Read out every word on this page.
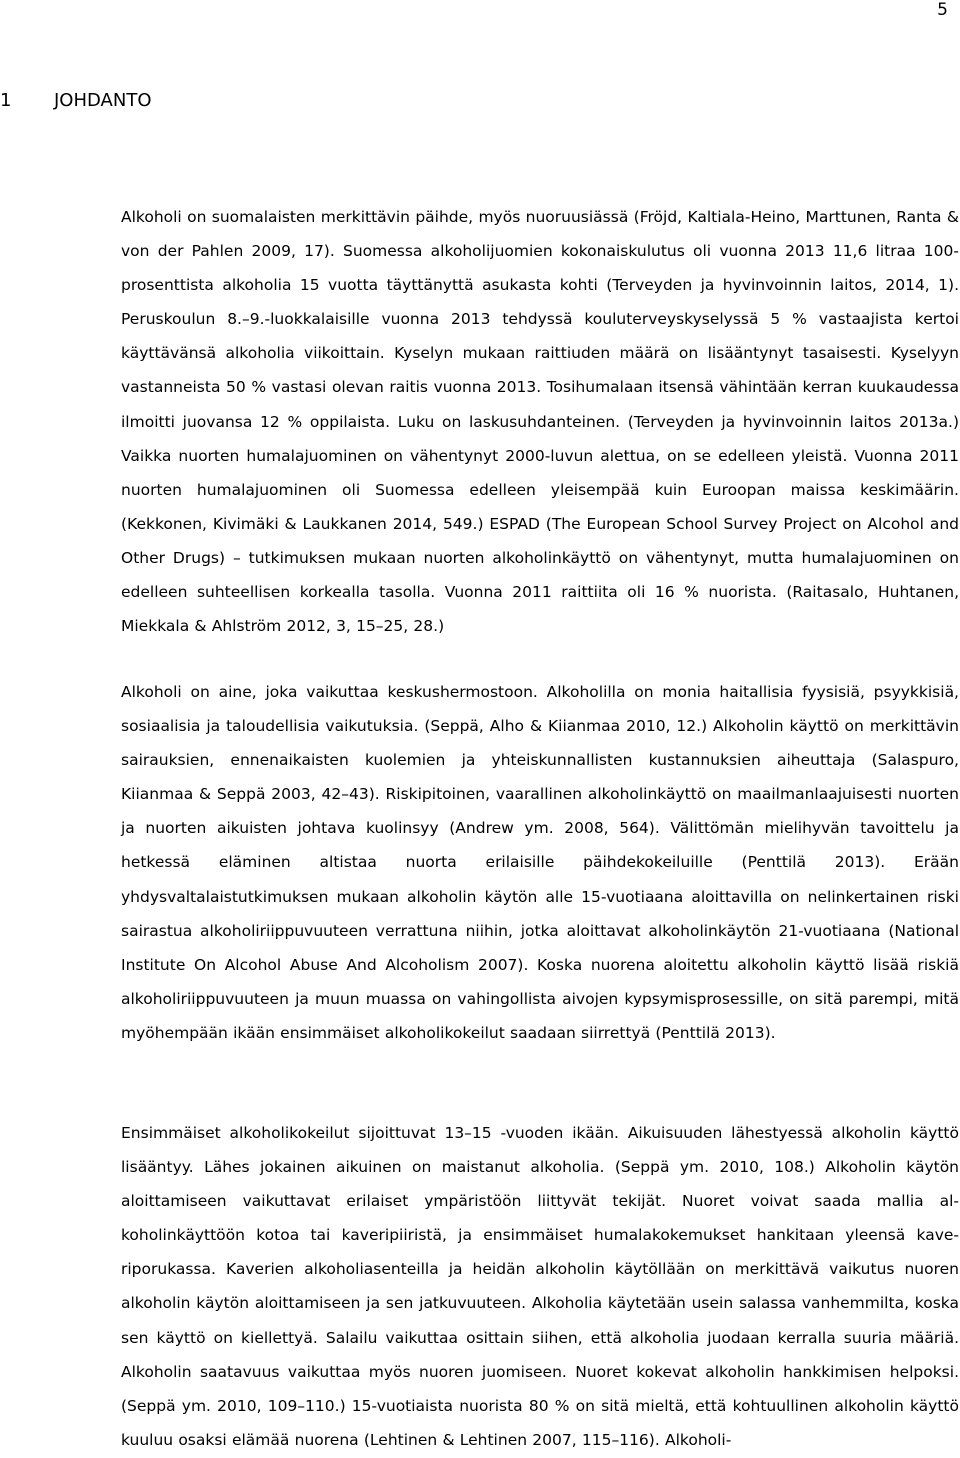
5
1 JOHDANTO

Alkoholi on suomalaisten merkittävin päihde, myös nuoruusiässä (Fröjd, Kaltiala-Heino, Marttunen, Ranta & von der Pahlen 2009, 17). Suomessa alkoholijuomien kokonaiskulutus oli vuonna 2013 11,6 litraa 100-prosenttista alkoholia 15 vuotta täyttänyttä asukasta kohti (Terveyden ja hyvinvoinnin laitos, 2014, 1). Peruskoulun 8.–9.-luokkalaisille vuonna 2013 tehdyssä kouluterveyskyselyssä 5 % vastaajista kertoi käyttävänsä alkoholia viikoittain. Kyselyn mukaan raittiuden määrä on lisääntynyt tasaisesti. Kyselyyn vastanneista 50 % vastasi olevan raitis vuonna 2013. Tosihumalaan itsensä vähintään kerran kuukaudessa ilmoitti juovansa 12 % oppilaista. Luku on laskusuhdanteinen. (Terveyden ja hyvinvoinnin laitos 2013a.) Vaikka nuorten humalajuominen on vähentynyt 2000-luvun alettua, on se edelleen yleistä. Vuonna 2011 nuorten humalajuominen oli Suomessa edelleen yleisempää kuin Euroopan maissa keskimäärin. (Kekkonen, Kivimäki & Laukkanen 2014, 549.) ESPAD (The European School Survey Project on Alcohol and Other Drugs) – tutkimuksen mukaan nuorten alkoholinkäyttö on vähentynyt, mutta humalajuominen on edelleen suhteellisen korkealla tasolla. Vuonna 2011 raittiita oli 16 % nuorista. (Raitasalo, Huhtanen, Miekkala & Ahlström 2012, 3, 15–25, 28.)

Alkoholi on aine, joka vaikuttaa keskushermostoon. Alkoholilla on monia haitallisia fyysisiä, psyykkisiä, sosiaalisia ja taloudellisia vaikutuksia. (Seppä, Alho & Kiianmaa 2010, 12.) Alkoholin käyttö on merkittävin sairauksien, ennenaikaisten kuolemien ja yhteiskunnallisten kustannuksien aiheuttaja (Salaspuro, Kiianmaa & Seppä 2003, 42–43). Riskipitoinen, vaarallinen alkoholinkäyttö on maailmanlaajuisesti nuorten ja nuorten aikuisten johtava kuolinsyy (Andrew ym. 2008, 564). Välittömän mielihyvän tavoittelu ja hetkessä eläminen altistaa nuorta erilaisille päihdekokeiluille (Penttilä 2013). Erään yhdysvaltalaistutkimuksen mukaan alkoholin käytön alle 15-vuotiaana aloittavilla on nelinkertainen riski sairastua alkoholiriippuvuuteen verrattuna niihin, jotka aloittavat alkoholinkäytön 21-vuotiaana (National Institute On Alcohol Abuse And Alcoholism 2007). Koska nuorena aloitettu alkoholin käyttö lisää riskiä alkoholiriippuvuuteen ja muun muassa on vahingollista aivojen kypsymisprosessille, on sitä parempi, mitä myöhempään ikään ensimmäiset alkoholikokeilut saadaan siirrettyä (Penttilä 2013).

Ensimmäiset alkoholikokeilut sijoittuvat 13–15 -vuoden ikään. Aikuisuuden lähestyessä alkoholin käyttö lisääntyy. Lähes jokainen aikuinen on maistanut alkoholia. (Seppä ym. 2010, 108.) Alkoholin käytön aloittamiseen vaikuttavat erilaiset ympäristöön liittyvät tekijät. Nuoret voivat saada mallia alkoholinkäyttöön kotoa tai kaveripiiristä, ja ensimmäiset humalakokemukset hankitaan yleensä kaveriporukassa. Kaverien alkoholiasenteilla ja heidän alkoholin käytöllään on merkittävä vaikutus nuoren alkoholin käytön aloittamiseen ja sen jatkuvuuteen. Alkoholia käytetään usein salassa vanhemmilta, koska sen käyttö on kiellettyä. Salailu vaikuttaa osittain siihen, että alkoholia juodaan kerralla suuria määriä. Alkoholin saatavuus vaikuttaa myös nuoren juomiseen. Nuoret kokevat alkoholin hankkimisen helpoksi. (Seppä ym. 2010, 109–110.) 15-vuotiaista nuorista 80 % on sitä mieltä, että kohtuullinen alkoholin käyttö kuuluu osaksi elämää nuorena (Lehtinen & Lehtinen 2007, 115–116). Alkoholi-
